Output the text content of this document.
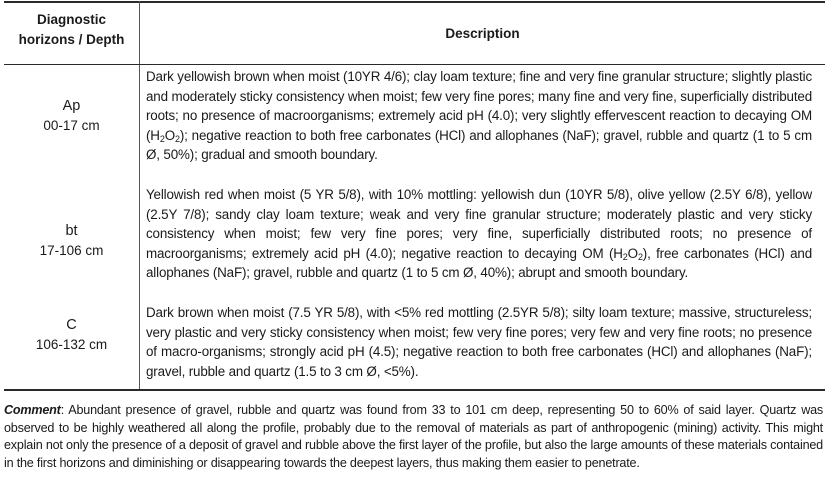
Diagnostic
horizons / Depth	Description
Ap
00-17 cm
Dark yellowish brown when moist (10YR 4/6); clay loam texture; fine and very fine granular structure; slightly plastic and moderately sticky consistency when moist; few very fine pores; many fine and very fine, superficially distributed roots; no presence of macroorganisms; extremely acid pH (4.0); very slightly effervescent reaction to decaying OM $(H_2O_2)$; negative reaction to both free carbonates (HCl) and allophanes (NaF); gravel, rubble and quartz (1 to 5 cm Ø, 50%); gradual and smooth boundary.
bt
17-106 cm
Yellowish red when moist (5 YR 5/8), with 10% mottling: yellowish dun (10YR 5/8), olive yellow (2.5Y 6/8), yellow (2.5Y 7/8); sandy clay loam texture; weak and very fine granular structure; moderately plastic and very sticky consistency when moist; few very fine pores; very fine, superficially distributed roots; no presence of macroorganisms; extremely acid pH (4.0); negative reaction to decaying OM $(H_2O_2)$, free carbonates (HCl) and allophanes (NaF); gravel, rubble and quartz (1 to 5 cm Ø, 40%); abrupt and smooth boundary.
C
106-132 cm
Dark brown when moist (7.5 YR 5/8), with <5% red mottling (2.5YR 5/8); silty loam texture; massive, structureless; very plastic and very sticky consistency when moist; few very fine pores; very few and very fine roots; no presence of macro-organisms; strongly acid pH (4.5); negative reaction to both free carbonates (HCl) and allophanes (NaF); gravel, rubble and quartz (1.5 to 3 cm Ø, <5%).
Comment: Abundant presence of gravel, rubble and quartz was found from 33 to 101 cm deep, representing 50 to 60% of said layer. Quartz was observed to be highly weathered all along the profile, probably due to the removal of materials as part of anthropogenic (mining) activity. This might explain not only the presence of a deposit of gravel and rubble above the first layer of the profile, but also the large amounts of these materials contained in the first horizons and diminishing or disappearing towards the deepest layers, thus making them easier to penetrate.
